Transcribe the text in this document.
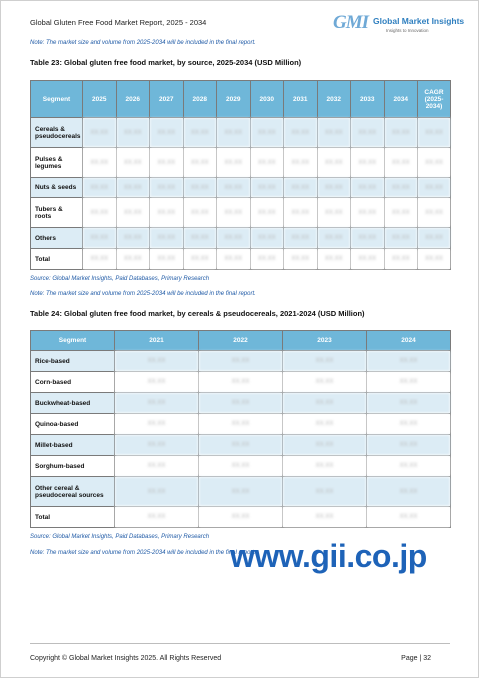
Global Gluten Free Food Market Report, 2025 - 2034	GMI Global Market Insights
Insights to Innovation
Note: The market size and volume from 2025-2034 will be included in the final report.
Table 23: Global gluten free food market, by source, 2025-2034 (USD Million)
Segment	2025	2026	2027	2028	2029	2030	2031	2032	2033	2034	CAGR (2025-2034)
Cereals & pseudocereals	XX.XX	XX.XX	XX.XX	XX.XX	XX.XX	XX.XX	XX.XX	XX.XX	XX.XX	XX.XX	XX.XX
Pulses & legumes	XX.XX	XX.XX	XX.XX	XX.XX	XX.XX	XX.XX	XX.XX	XX.XX	XX.XX	XX.XX	XX.XX
Nuts & seeds	XX.XX	XX.XX	XX.XX	XX.XX	XX.XX	XX.XX	XX.XX	XX.XX	XX.XX	XX.XX	XX.XX
Tubers & roots	XX.XX	XX.XX	XX.XX	XX.XX	XX.XX	XX.XX	XX.XX	XX.XX	XX.XX	XX.XX	XX.XX
Others	XX.XX	XX.XX	XX.XX	XX.XX	XX.XX	XX.XX	XX.XX	XX.XX	XX.XX	XX.XX	XX.XX
Total	XX.XX	XX.XX	XX.XX	XX.XX	XX.XX	XX.XX	XX.XX	XX.XX	XX.XX	XX.XX	XX.XX
Source: Global Market Insights, Paid Databases, Primary Research
Note: The market size and volume from 2025-2034 will be included in the final report.
Table 24: Global gluten free food market, by cereals & pseudocereals, 2021-2024 (USD Million)
Segment	2021	2022	2023	2024
Rice-based	XX.XX	XX.XX	XX.XX	XX.XX
Corn-based	XX.XX	XX.XX	XX.XX	XX.XX
Buckwheat-based	XX.XX	XX.XX	XX.XX	XX.XX
Quinoa-based	XX.XX	XX.XX	XX.XX	XX.XX
Millet-based	XX.XX	XX.XX	XX.XX	XX.XX
Sorghum-based	XX.XX	XX.XX	XX.XX	XX.XX
Other cereal & pseudocereal sources	XX.XX	XX.XX	XX.XX	XX.XX
Total	XX.XX	XX.XX	XX.XX	XX.XX
Source: Global Market Insights, Paid Databases, Primary Research
Note: The market size and volume from 2025-2034 will be included in the final report.
www.gii.co.jp
Copyright © Global Market Insights 2025. All Rights Reserved	Page | 32
